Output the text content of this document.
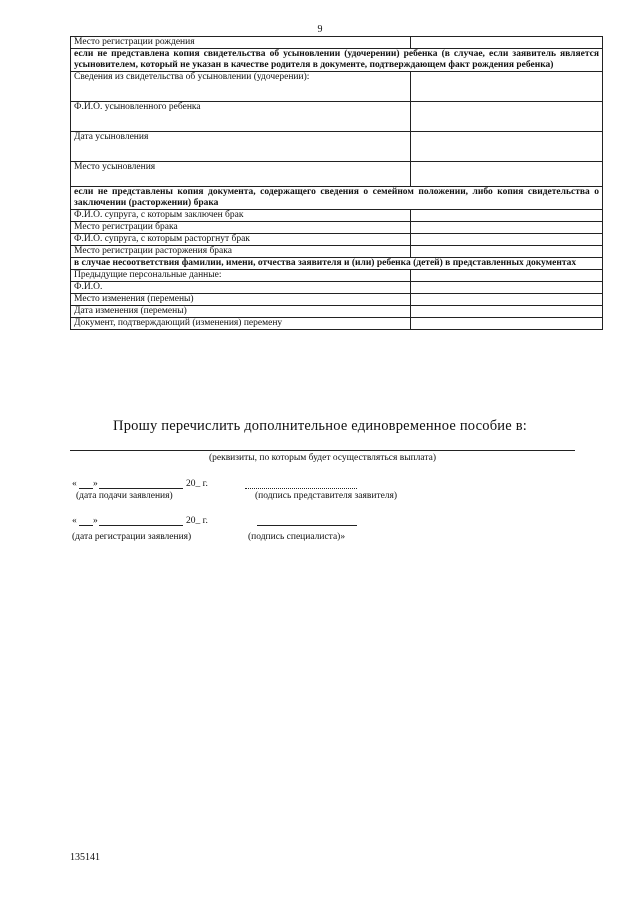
9
Место регистрации рождения	
если не представлена копия свидетельства об усыновлении (удочерении) ребенка (в случае, если заявитель является усыновителем, который не указан в качестве родителя в документе, подтверждающем факт рождения ребенка)	
Сведения из свидетельства об усыновлении (удочерении):	
Ф.И.О. усыновленного ребенка	
Дата усыновления	
Место усыновления	
если не представлены копия документа, содержащего сведения о семейном положении, либо копия свидетельства о заключении (расторжении) брака	
Ф.И.О. супруга, с которым заключен брак	
Место регистрации брака	
Ф.И.О. супруга, с которым расторгнут брак	
Место регистрации расторжения брака	
в случае несоответствия фамилии, имени, отчества заявителя и (или) ребенка (детей) в представленных документах	
Предыдущие персональные данные:	
Ф.И.О.	
Место изменения (перемены)	
Дата изменения (перемены)	
Документ, подтверждающий (изменения) перемену	
Прошу перечислить дополнительное единовременное пособие в:
(реквизиты, по которым будет осуществляться выплата)
« »	20_ г.
(дата подачи заявления)	(подпись представителя заявителя)
« »	20_ г.
(дата регистрации заявления)	(подпись специалиста)»
135141
